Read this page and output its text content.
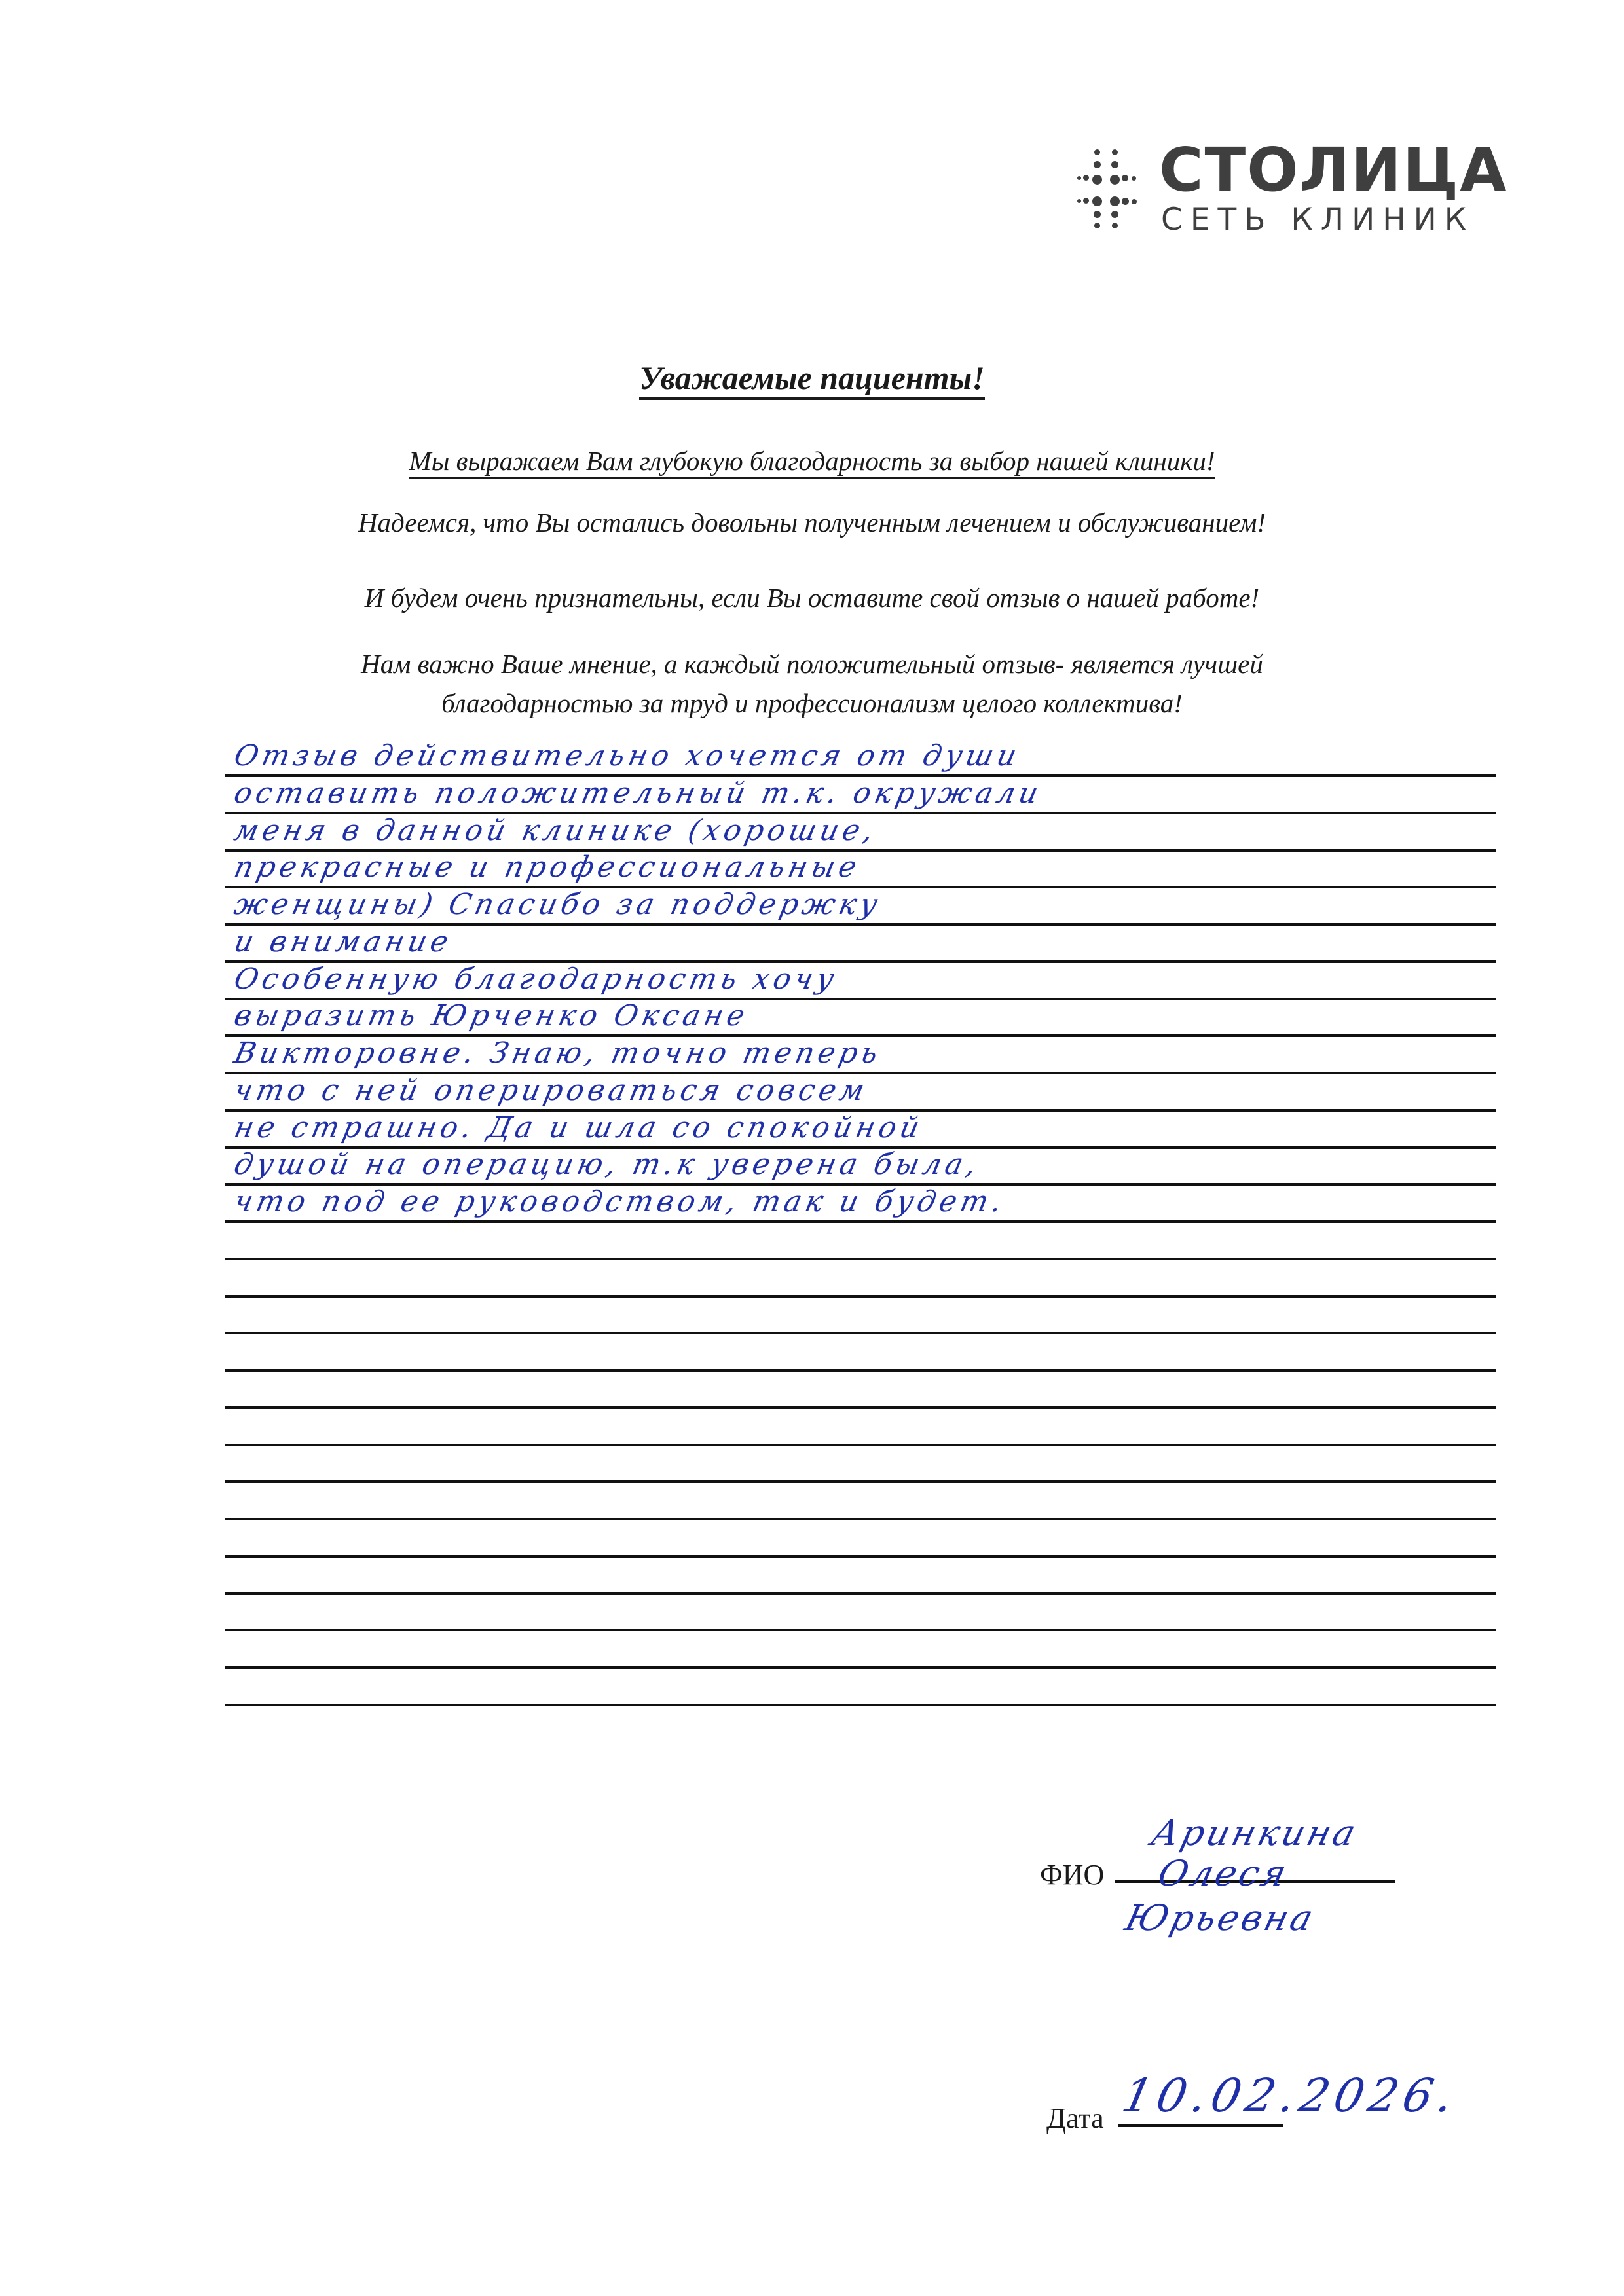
СТОЛИЦА
СЕТЬ КЛИНИК
Уважаемые пациенты!
Мы выражаем Вам глубокую благодарность за выбор нашей клиники!
Надеемся, что Вы остались довольны полученным лечением и обслуживанием!
И будем очень признательны, если Вы оставите свой отзыв о нашей работе!
Нам важно Ваше мнение, а каждый положительный отзыв- является лучшей
благодарностью за труд и профессионализм целого коллектива!
Отзыв действительно хочется от души
оставить положительный т.к. окружали
меня в данной клинике (хорошие,
прекрасные и профессиональные
женщины) Спасибо за поддержку
и внимание
Особенную благодарность хочу
выразить Юрченко Оксане
Викторовне. Знаю, точно теперь
что с ней оперироваться совсем
не страшно. Да и шла со спокойной
душой на операцию, т.к уверена была,
что под ее руководством, так и будет.
ФИО
Аринкина
Олеся
Юрьевна
Дата 10.02.2026.
